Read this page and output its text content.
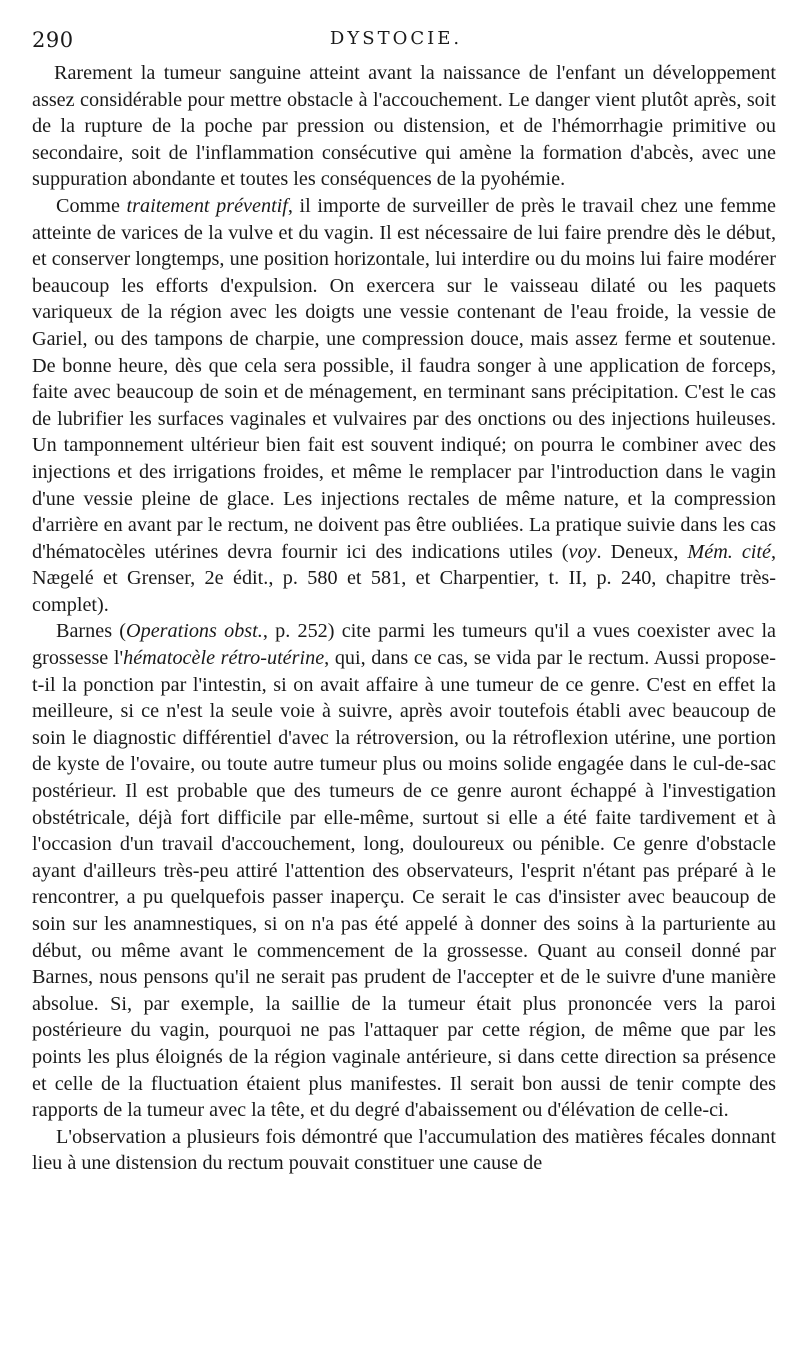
290	DYSTOCIE.

Rarement la tumeur sanguine atteint avant la naissance de l'enfant un développement assez considérable pour mettre obstacle à l'accouchement. Le danger vient plutôt après, soit de la rupture de la poche par pression ou distension, et de l'hémorrhagie primitive ou secondaire, soit de l'inflammation consécutive qui amène la formation d'abcès, avec une suppuration abondante et toutes les conséquences de la pyohémie.

Comme traitement préventif, il importe de surveiller de près le travail chez une femme atteinte de varices de la vulve et du vagin. Il est nécessaire de lui faire prendre dès le début, et conserver longtemps, une position horizontale, lui interdire ou du moins lui faire modérer beaucoup les efforts d'expulsion. On exercera sur le vaisseau dilaté ou les paquets variqueux de la région avec les doigts une vessie contenant de l'eau froide, la vessie de Gariel, ou des tampons de charpie, une compression douce, mais assez ferme et soutenue. De bonne heure, dès que cela sera possible, il faudra songer à une application de forceps, faite avec beaucoup de soin et de ménagement, en terminant sans précipitation. C'est le cas de lubrifier les surfaces vaginales et vulvaires par des onctions ou des injections huileuses. Un tamponnement ultérieur bien fait est souvent indiqué; on pourra le combiner avec des injections et des irrigations froides, et même le remplacer par l'introduction dans le vagin d'une vessie pleine de glace. Les injections rectales de même nature, et la compression d'arrière en avant par le rectum, ne doivent pas être oubliées. La pratique suivie dans les cas d'hématocèles utérines devra fournir ici des indications utiles (voy. Deneux, Mém. cité, Nægelé et Grenser, 2e édit., p. 580 et 581, et Charpentier, t. II, p. 240, chapitre très-complet).

Barnes (Operations obst., p. 252) cite parmi les tumeurs qu'il a vues coexister avec la grossesse l'hématocèle rétro-utérine, qui, dans ce cas, se vida par le rectum. Aussi propose-t-il la ponction par l'intestin, si on avait affaire à une tumeur de ce genre. C'est en effet la meilleure, si ce n'est la seule voie à suivre, après avoir toutefois établi avec beaucoup de soin le diagnostic différentiel d'avec la rétroversion, ou la rétroflexion utérine, une portion de kyste de l'ovaire, ou toute autre tumeur plus ou moins solide engagée dans le cul-de-sac postérieur. Il est probable que des tumeurs de ce genre auront échappé à l'investigation obstétricale, déjà fort difficile par elle-même, surtout si elle a été faite tardivement et à l'occasion d'un travail d'accouchement, long, douloureux ou pénible. Ce genre d'obstacle ayant d'ailleurs très-peu attiré l'attention des observateurs, l'esprit n'étant pas préparé à le rencontrer, a pu quelquefois passer inaperçu. Ce serait le cas d'insister avec beaucoup de soin sur les anamnestiques, si on n'a pas été appelé à donner des soins à la parturiente au début, ou même avant le commencement de la grossesse. Quant au conseil donné par Barnes, nous pensons qu'il ne serait pas prudent de l'accepter et de le suivre d'une manière absolue. Si, par exemple, la saillie de la tumeur était plus prononcée vers la paroi postérieure du vagin, pourquoi ne pas l'attaquer par cette région, de même que par les points les plus éloignés de la région vaginale antérieure, si dans cette direction sa présence et celle de la fluctuation étaient plus manifestes. Il serait bon aussi de tenir compte des rapports de la tumeur avec la tête, et du degré d'abaissement ou d'élévation de celle-ci.

L'observation a plusieurs fois démontré que l'accumulation des matières fécales donnant lieu à une distension du rectum pouvait constituer une cause de
